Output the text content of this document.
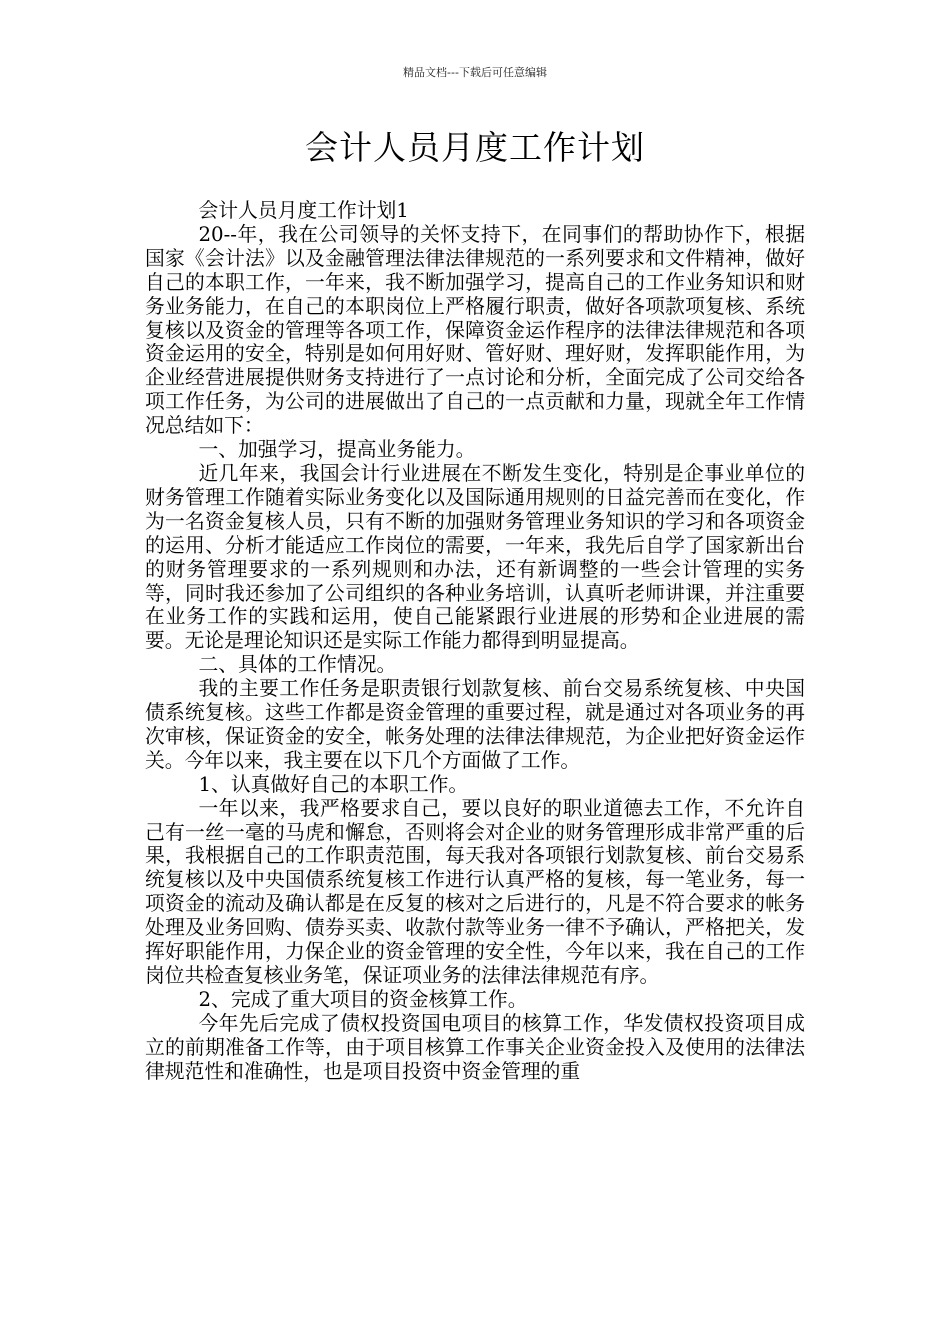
精品文档---下载后可任意编辑
会计人员月度工作计划

会计人员月度工作计划1

20--年，我在公司领导的关怀支持下，在同事们的帮助协作下，根据国家《会计法》以及金融管理法律法律规范的一系列要求和文件精神，做好自己的本职工作，一年来，我不断加强学习，提高自己的工作业务知识和财务业务能力，在自己的本职岗位上严格履行职责，做好各项款项复核、系统复核以及资金的管理等各项工作，保障资金运作程序的法律法律规范和各项资金运用的安全，特别是如何用好财、管好财、理好财，发挥职能作用，为企业经营进展提供财务支持进行了一点讨论和分析，全面完成了公司交给各项工作任务，为公司的进展做出了自己的一点贡献和力量，现就全年工作情况总结如下：

一、加强学习，提高业务能力。

近几年来，我国会计行业进展在不断发生变化，特别是企事业单位的财务管理工作随着实际业务变化以及国际通用规则的日益完善而在变化，作为一名资金复核人员，只有不断的加强财务管理业务知识的学习和各项资金的运用、分析才能适应工作岗位的需要，一年来，我先后自学了国家新出台的财务管理要求的一系列规则和办法，还有新调整的一些会计管理的实务等，同时我还参加了公司组织的各种业务培训，认真听老师讲课，并注重要在业务工作的实践和运用，使自己能紧跟行业进展的形势和企业进展的需要。无论是理论知识还是实际工作能力都得到明显提高。

二、具体的工作情况。

我的主要工作任务是职责银行划款复核、前台交易系统复核、中央国债系统复核。这些工作都是资金管理的重要过程，就是通过对各项业务的再次审核，保证资金的安全，帐务处理的法律法律规范，为企业把好资金运作关。今年以来，我主要在以下几个方面做了工作。

1、认真做好自己的本职工作。

一年以来，我严格要求自己，要以良好的职业道德去工作，不允许自己有一丝一毫的马虎和懈怠，否则将会对企业的财务管理形成非常严重的后果，我根据自己的工作职责范围，每天我对各项银行划款复核、前台交易系统复核以及中央国债系统复核工作进行认真严格的复核，每一笔业务，每一项资金的流动及确认都是在反复的核对之后进行的，凡是不符合要求的帐务处理及业务回购、债券买卖、收款付款等业务一律不予确认，严格把关，发挥好职能作用，力保企业的资金管理的安全性，今年以来，我在自己的工作岗位共检查复核业务笔，保证项业务的法律法律规范有序。

2、完成了重大项目的资金核算工作。

今年先后完成了债权投资国电项目的核算工作，华发债权投资项目成立的前期准备工作等，由于项目核算工作事关企业资金投入及使用的法律法律规范性和准确性，也是项目投资中资金管理的重
